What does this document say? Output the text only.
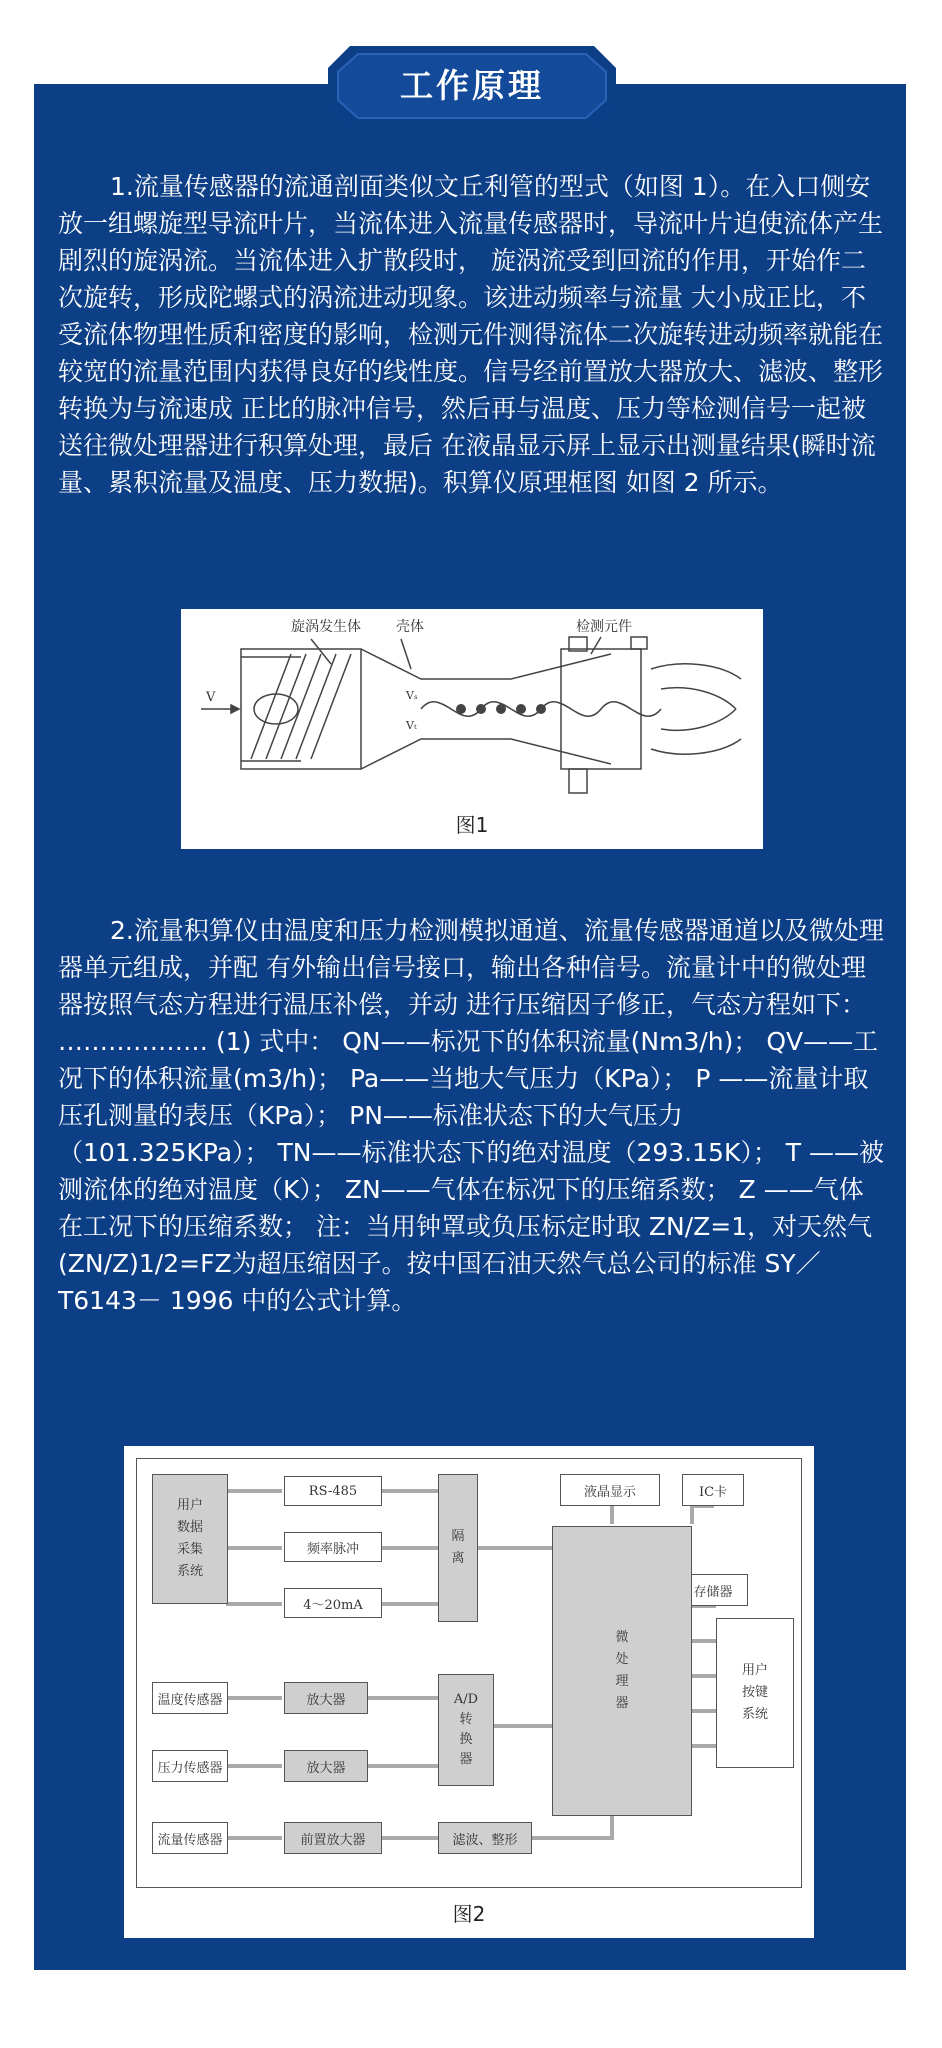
工作原理

1.流量传感器的流通剖面类似文丘利管的型式（如图 1）。在入口侧安放一组螺旋型导流叶片，当流体进入流量传感器时，导流叶片迫使流体产生剧烈的旋涡流。当流体进入扩散段时， 旋涡流受到回流的作用，开始作二次旋转，形成陀螺式的涡流进动现象。该进动频率与流量 大小成正比，不受流体物理性质和密度的影响，检测元件测得流体二次旋转进动频率就能在 较宽的流量范围内获得良好的线性度。信号经前置放大器放大、滤波、整形转换为与流速成 正比的脉冲信号，然后再与温度、压力等检测信号一起被送往微处理器进行积算处理，最后 在液晶显示屏上显示出测量结果(瞬时流量、累积流量及温度、压力数据)。积算仪原理框图 如图 2 所示。

旋涡发生体	壳体	检测元件
V	Vₛ
Vₜ
图1

2.流量积算仪由温度和压力检测模拟通道、流量传感器通道以及微处理器单元组成，并配 有外输出信号接口，输出各种信号。流量计中的微处理器按照气态方程进行温压补偿，并动 进行压缩因子修正，气态方程如下：
……………… (1) 式中： QN——标况下的体积流量(Nm3/h)； QV——工况下的体积流量(m3/h)； Pa——当地大气压力（KPa）； P ——流量计取压孔测量的表压（KPa）； PN——标准状态下的大气压力（101.325KPa）； TN——标准状态下的绝对温度（293.15K）； T ——被测流体的绝对温度（K）； ZN——气体在标况下的压缩系数； Z ——气体在工况下的压缩系数； 注：当用钟罩或负压标定时取 ZN/Z=1，对天然气(ZN/Z)1/2=FZ为超压缩因子。按中国石油天然气总公司的标准 SY／T6143－ 1996 中的公式计算。

用户
数据
采集
系统
RS-485
频率脉冲
4～20mA
隔
离
液晶显示	IC卡
存储器
微
处
理
器
用户
按键
系统
温度传感器	放大器	A/D
转
换
器
压力传感器	放大器
流量传感器	前置放大器	滤波、整形
图2
